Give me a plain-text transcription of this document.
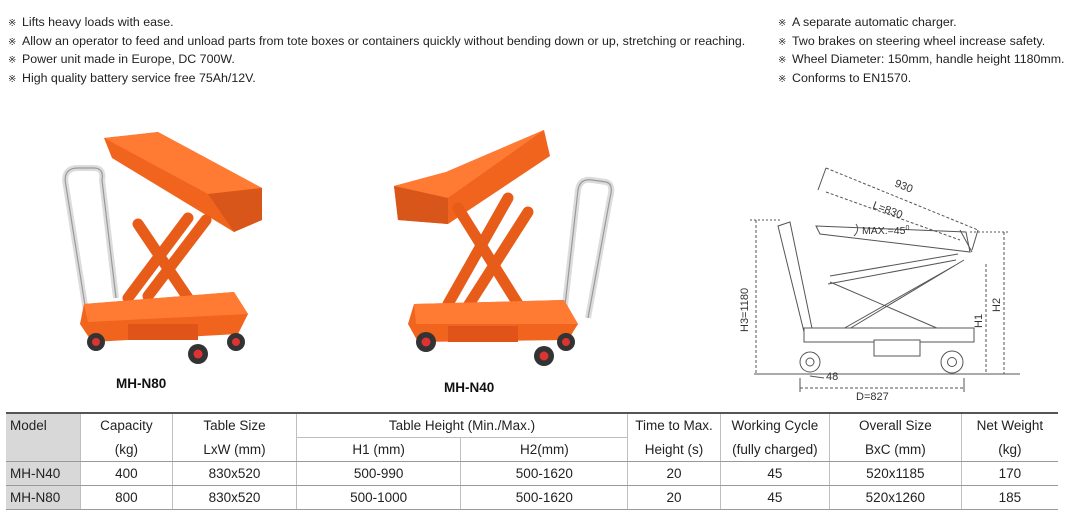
※ Lifts heavy loads with ease.
※ Allow an operator to feed and unload parts from tote boxes or containers quickly without bending down or up, stretching or reaching.
※ Power unit made in Europe, DC 700W.
※ High quality battery service free 75Ah/12V.
※ A separate automatic charger.
※ Two brakes on steering wheel increase safety.
※ Wheel Diameter: 150mm, handle height 1180mm.
※ Conforms to EN1570.
MH-N80	MH-N40
930
L=830
$MAX.=45^0$
H3=1180	H1
H2
48
D=827
Model	Capacity	Table Size	Table Height (Min./Max.)		Time to Max.	Working Cycle	Overall Size	Net Weight
	(kg)	LxW (mm)	H1 (mm)	H2(mm)	Height (s)	(fully charged)	BxC (mm)	(kg)
MH-N40	400	830x520	500-990	500-1620	20	45	520x1185	170
MH-N80	800	830x520	500-1000	500-1620	20	45	520x1260	185
